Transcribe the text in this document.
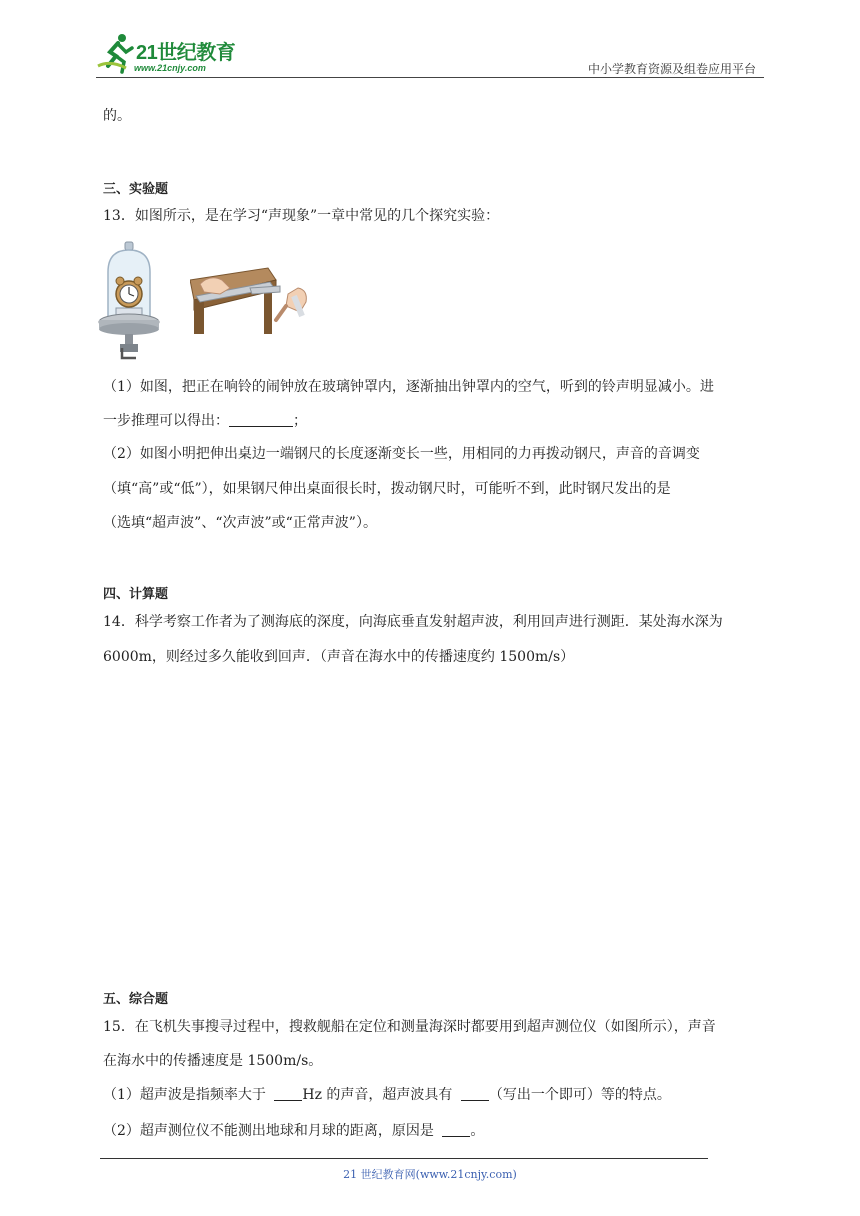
21世纪教育
www.21cnjy.com	中小学教育资源及组卷应用平台
的。
三、实验题
13．如图所示，是在学习“声现象”一章中常见的几个探究实验：
（1）如图，把正在响铃的闹钟放在玻璃钟罩内，逐渐抽出钟罩内的空气，听到的铃声明显减小。进
一步推理可以得出：	；
（2）如图小明把伸出桌边一端钢尺的长度逐渐变长一些，用相同的力再拨动钢尺，声音的音调变
（填“高”或“低”），如果钢尺伸出桌面很长时，拨动钢尺时，可能听不到，此时钢尺发出的是
（选填“超声波”、“次声波”或“正常声波”）。
四、计算题
14．科学考察工作者为了测海底的深度，向海底垂直发射超声波，利用回声进行测距．某处海水深为
6000m，则经过多久能收到回声．（声音在海水中的传播速度约 1500m/s）
五、综合题
15．在飞机失事搜寻过程中，搜救舰船在定位和测量海深时都要用到超声测位仪（如图所示），声音
在海水中的传播速度是 1500m/s。
（1）超声波是指频率大于	Hz 的声音，超声波具有	（写出一个即可）等的特点。
（2）超声测位仪不能测出地球和月球的距离，原因是	。
21 世纪教育网(www.21cnjy.com)
